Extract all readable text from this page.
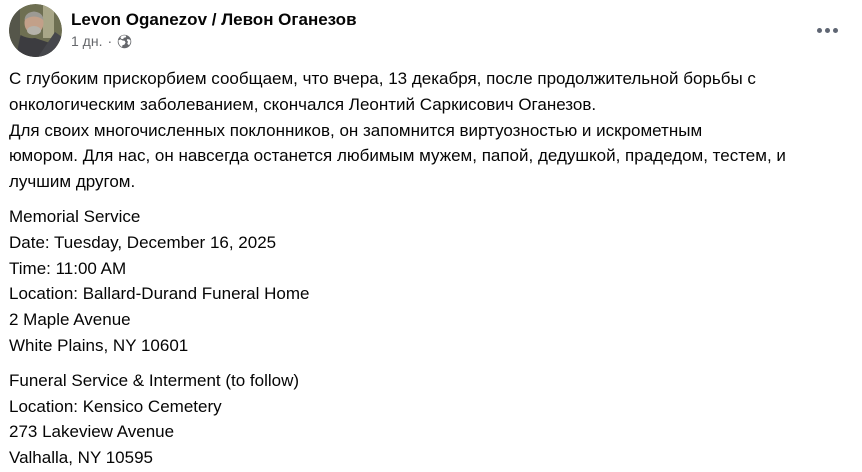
Levon Oganezov / Левон Оганезов
1 дн. ·
С глубоким прискорбием сообщаем, что вчера, 13 декабря, после продолжительной борьбы с
онкологическим заболеванием, скончался Леонтий Саркисович Оганезов.
Для своих многочисленных поклонников, он запомнится виртуозностью и искрометным
юмором. Для нас, он навсегда останется любимым мужем, папой, дедушкой, прадедом, тестем, и
лучшим другом.
Memorial Service
Date: Tuesday, December 16, 2025
Time: 11:00 AM
Location: Ballard-Durand Funeral Home
2 Maple Avenue
White Plains, NY 10601
Funeral Service & Interment (to follow)
Location: Kensico Cemetery
273 Lakeview Avenue
Valhalla, NY 10595
